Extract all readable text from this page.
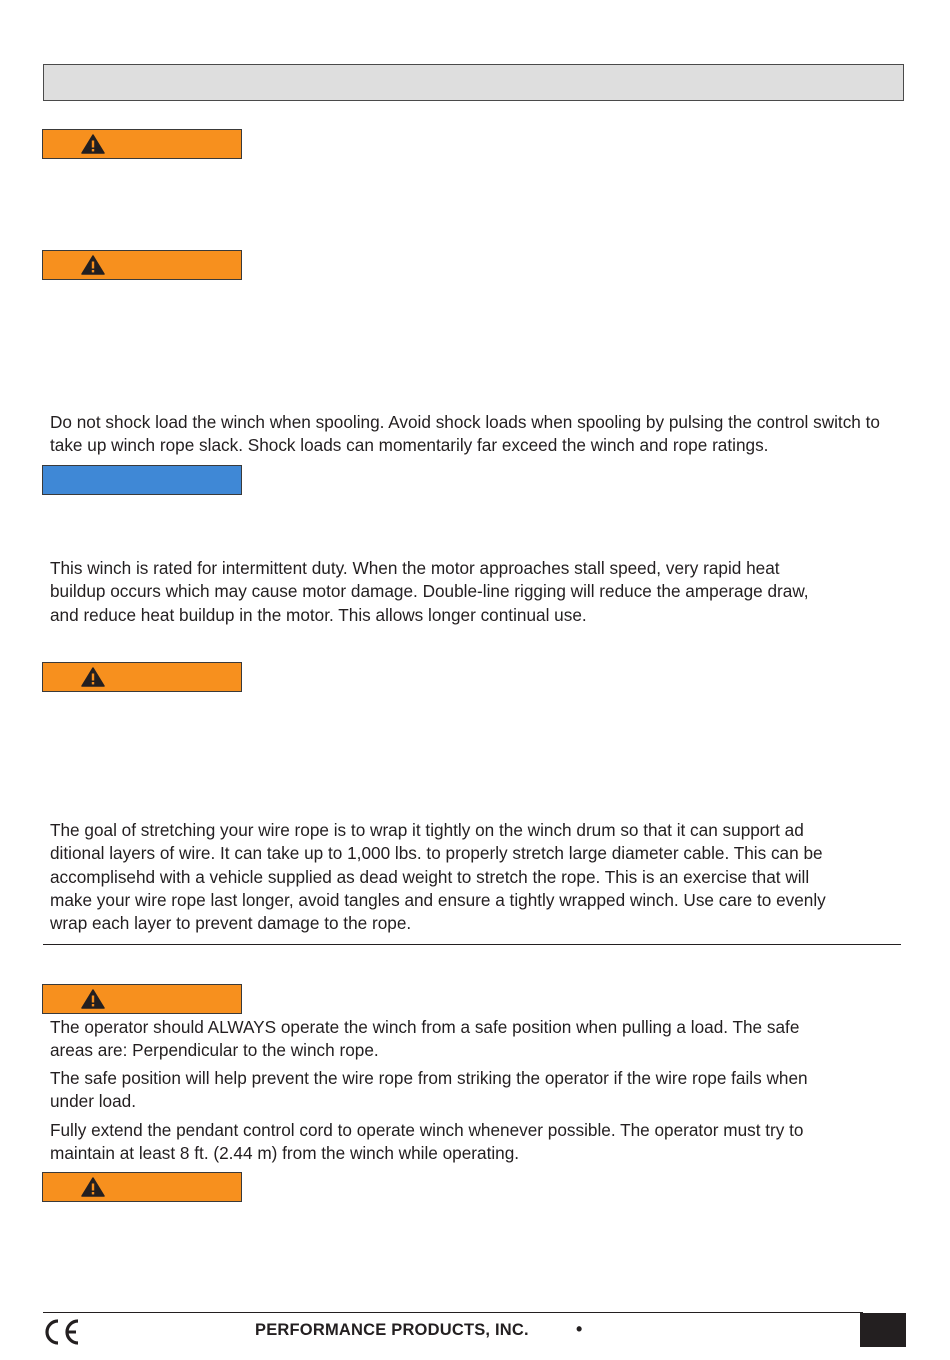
Do not shock load the winch when spooling. Avoid shock loads when spooling by pulsing the control switch to take up winch rope slack. Shock loads can momentarily far exceed the winch and rope ratings.

This winch is rated for intermittent duty. When the motor approaches stall speed, very rapid heat
buildup occurs which may cause motor damage. Double-line rigging will reduce the amperage draw,
and reduce heat buildup in the motor. This allows longer continual use.

The goal of stretching your wire rope is to wrap it tightly on the winch drum so that it can support ad
ditional layers of wire. It can take up to 1,000 lbs. to properly stretch large diameter cable. This can be
accomplisehd with a vehicle supplied as dead weight to stretch the rope. This is an exercise that will
make your wire rope last longer, avoid tangles and ensure a tightly wrapped winch. Use care to evenly
wrap each layer to prevent damage to the rope.

The operator should ALWAYS operate the winch from a safe position when pulling a load. The safe
areas are: Perpendicular to the winch rope.

The safe position will help prevent the wire rope from striking the operator if the wire rope fails when
under load.

Fully extend the pendant control cord to operate winch whenever possible. The operator must try to
maintain at least 8 ft. (2.44 m) from the winch while operating.

PERFORMANCE PRODUCTS, INC.	•
